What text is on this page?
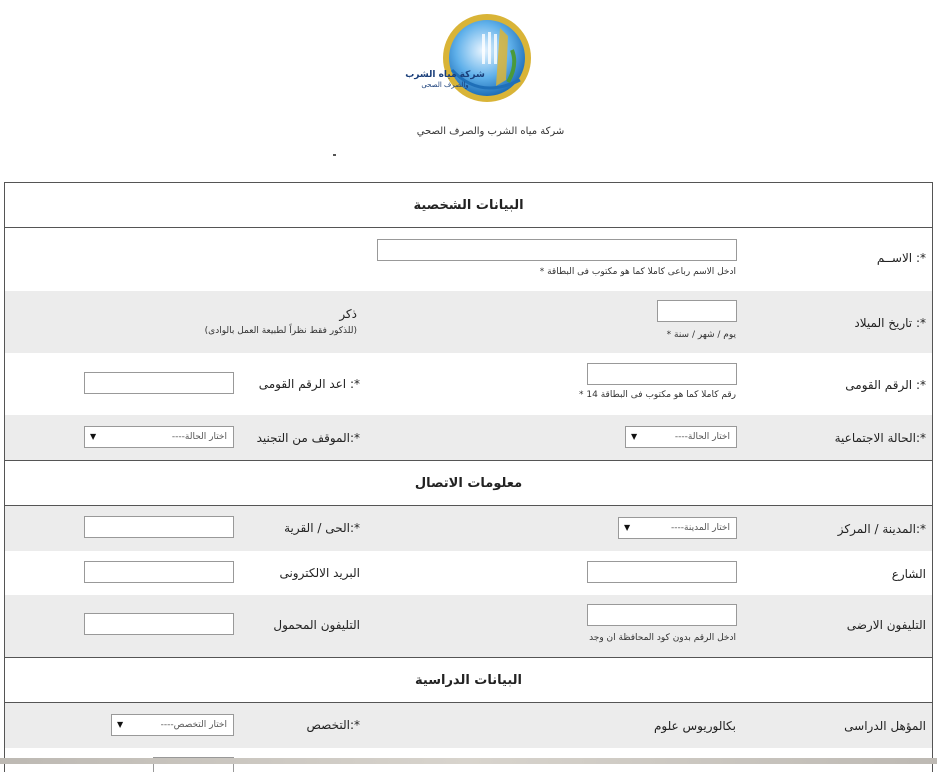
شركة مياه الشرب
والصرف الصحى
شركة مياه الشرب والصرف الصحي
البيانات الشخصية
الاســم :*
* ادخل الاسم رباعى كاملا كما هو مكتوب فى البطاقة
تاريخ الميلاد :*
* يوم / شهر / سنة
ذكر
(للذكور فقط نظراً لطبيعة العمل بالوادى)
الرقم القومى :*
* 14 رقم كاملا كما هو مكتوب فى البطاقة
اعد الرقم القومى :*
الحالة الاجتماعية:*
----اختار الحالة
▼
الموقف من التجنيد:*
----اختار الحالة
▼
معلومات الاتصال
المدينة / المركز:*
----اختار المدينة
▼
الحى / القرية:*
الشارع
البريد الالكترونى
التليفون الارضى
ادخل الرقم بدون كود المحافظة ان وجد
التليفون المحمول
البيانات الدراسية
المؤهل الدراسى
بكالوريوس علوم
التخصص:*
----اختار التخصص
▼
